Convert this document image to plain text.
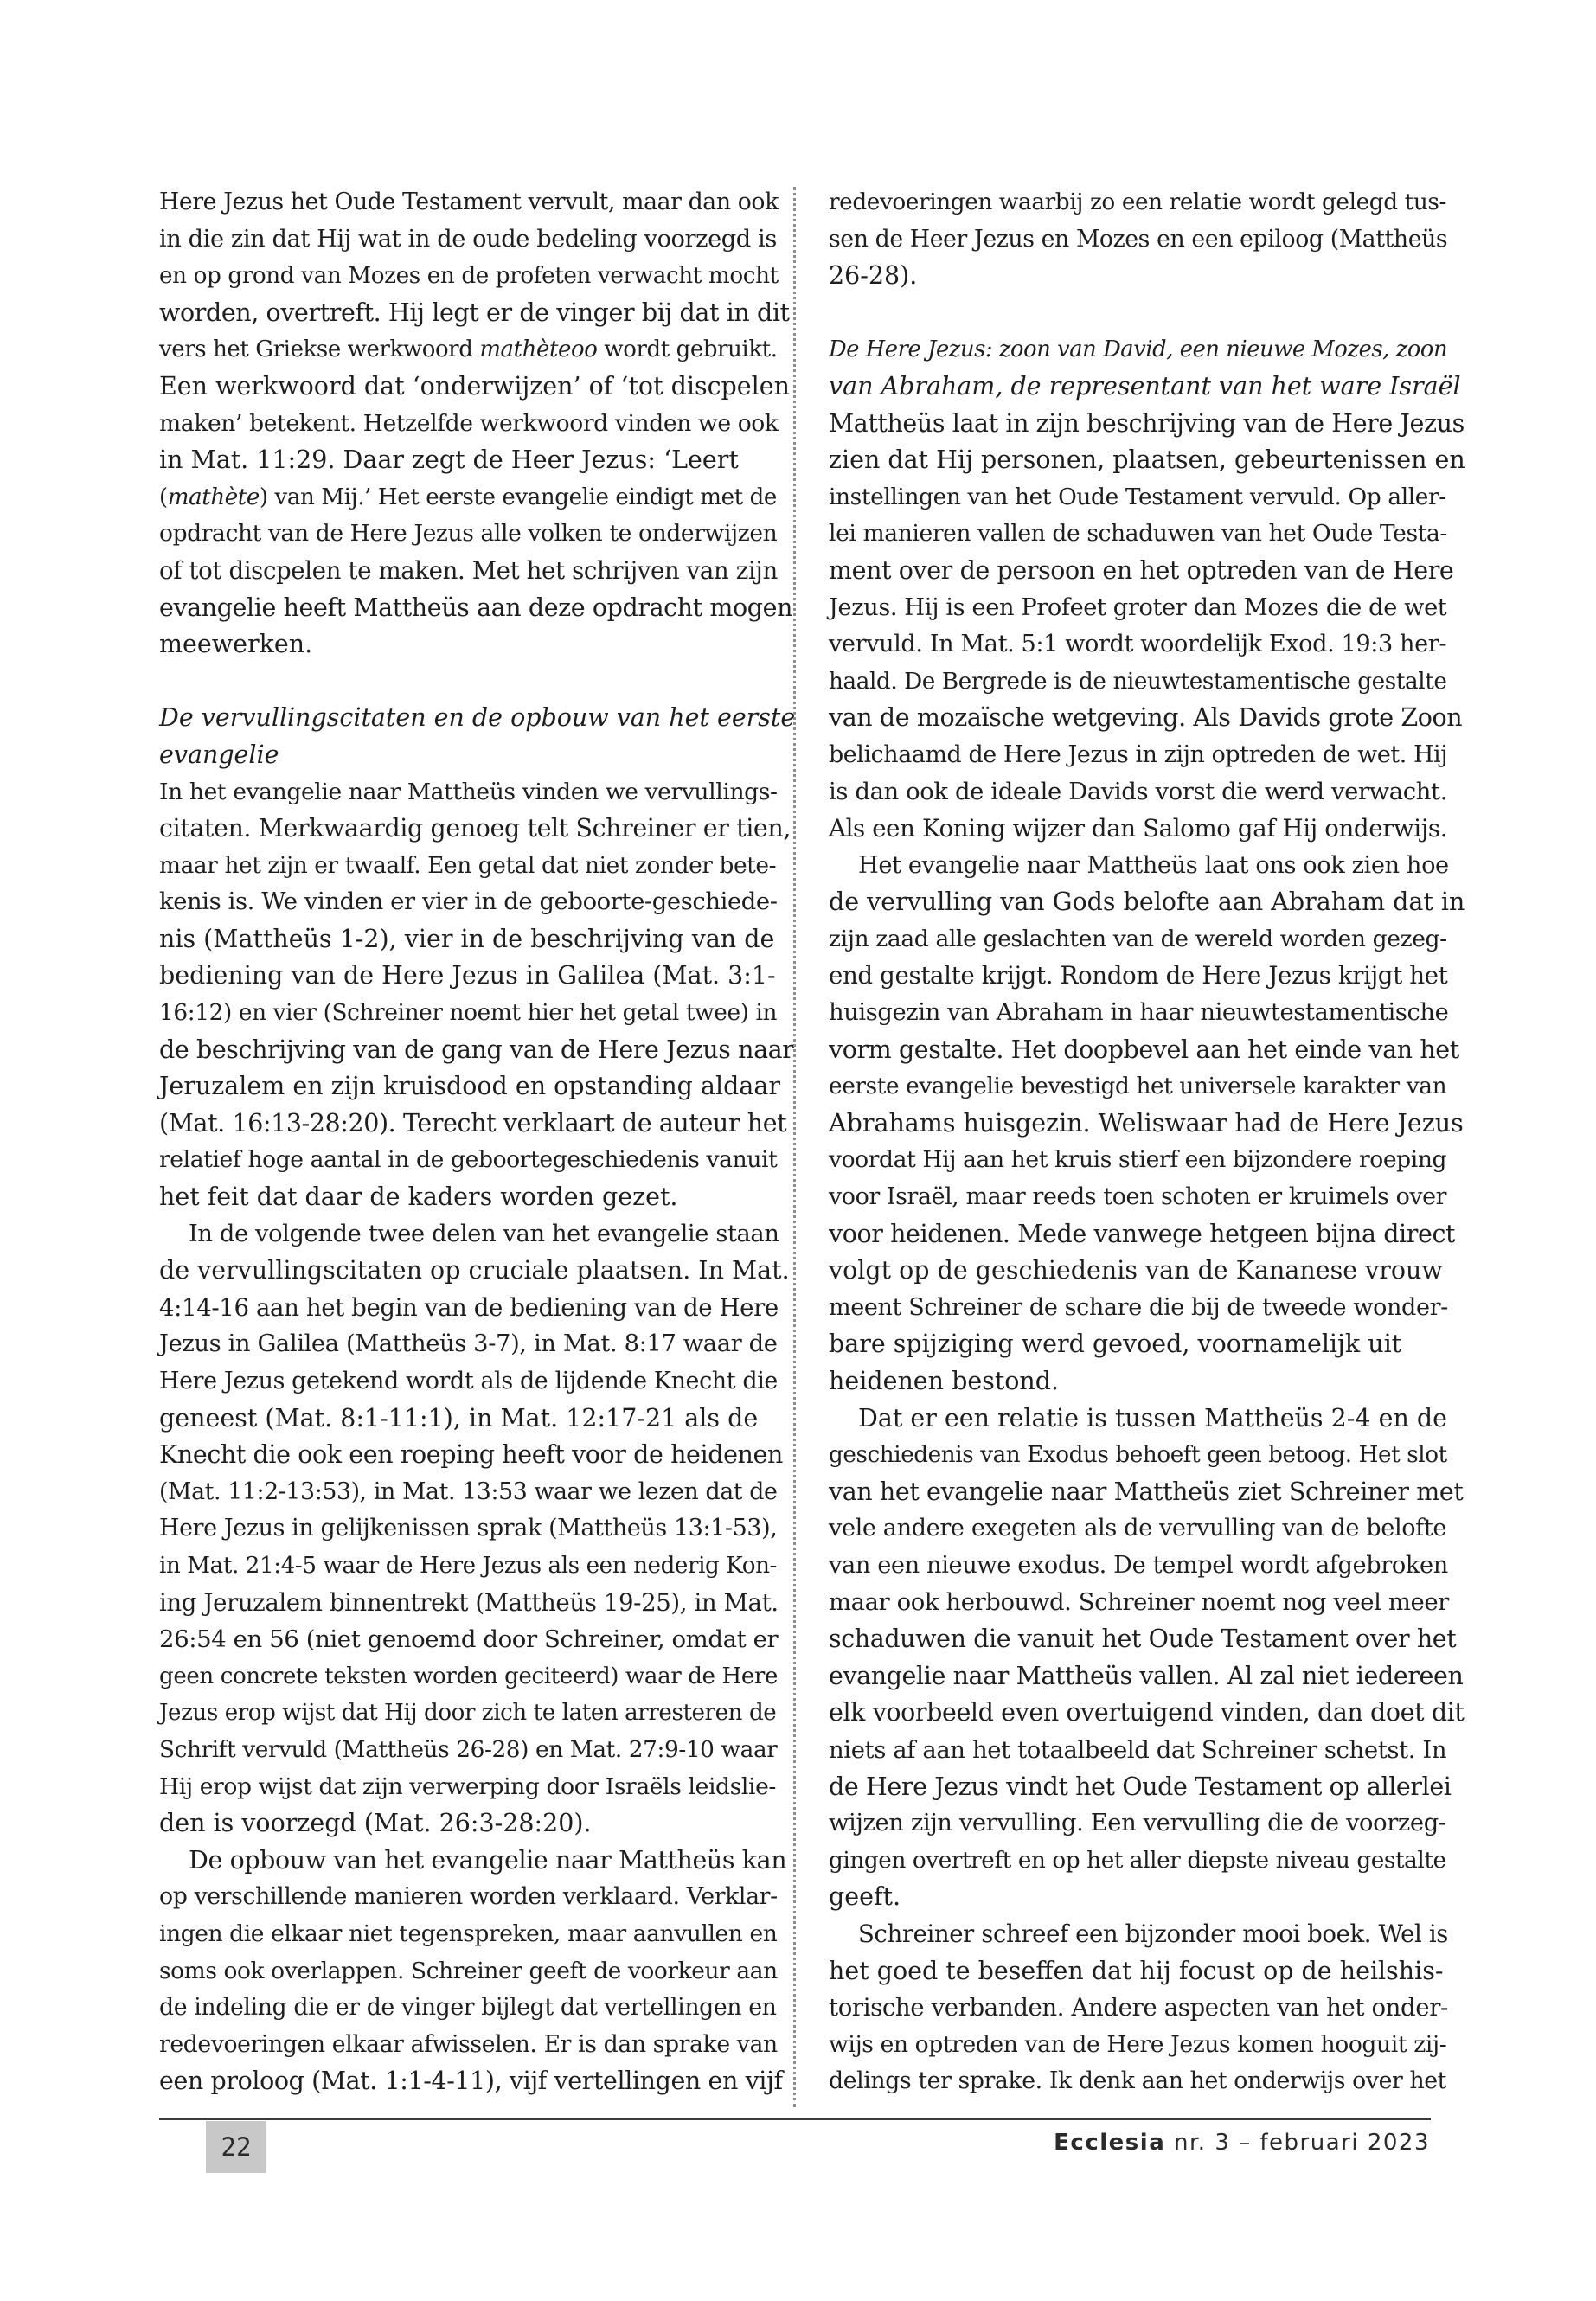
Here Jezus het Oude Testament vervult, maar dan ook
in die zin dat Hij wat in de oude bedeling voorzegd is
en op grond van Mozes en de profeten verwacht mocht
worden, overtreft. Hij legt er de vinger bij dat in dit
vers het Griekse werkwoord mathèteoo wordt gebruikt.
Een werkwoord dat ‘onderwijzen’ of ‘tot discpelen
maken’ betekent. Hetzelfde werkwoord vinden we ook
in Mat. 11:29. Daar zegt de Heer Jezus: ‘Leert
(mathète) van Mij.’ Het eerste evangelie eindigt met de
opdracht van de Here Jezus alle volken te onderwijzen
of tot discpelen te maken. Met het schrijven van zijn
evangelie heeft Mattheüs aan deze opdracht mogen
meewerken.
De vervullingscitaten en de opbouw van het eerste
evangelie
In het evangelie naar Mattheüs vinden we vervullings-
citaten. Merkwaardig genoeg telt Schreiner er tien,
maar het zijn er twaalf. Een getal dat niet zonder bete-
kenis is. We vinden er vier in de geboorte-geschiede-
nis (Mattheüs 1-2), vier in de beschrijving van de
bediening van de Here Jezus in Galilea (Mat. 3:1-
16:12) en vier (Schreiner noemt hier het getal twee) in
de beschrijving van de gang van de Here Jezus naar
Jeruzalem en zijn kruisdood en opstanding aldaar
(Mat. 16:13-28:20). Terecht verklaart de auteur het
relatief hoge aantal in de geboortegeschiedenis vanuit
het feit dat daar de kaders worden gezet.
In de volgende twee delen van het evangelie staan
de vervullingscitaten op cruciale plaatsen. In Mat.
4:14-16 aan het begin van de bediening van de Here
Jezus in Galilea (Mattheüs 3-7), in Mat. 8:17 waar de
Here Jezus getekend wordt als de lijdende Knecht die
geneest (Mat. 8:1-11:1), in Mat. 12:17-21 als de
Knecht die ook een roeping heeft voor de heidenen
(Mat. 11:2-13:53), in Mat. 13:53 waar we lezen dat de
Here Jezus in gelijkenissen sprak (Mattheüs 13:1-53),
in Mat. 21:4-5 waar de Here Jezus als een nederig Kon-
ing Jeruzalem binnentrekt (Mattheüs 19-25), in Mat.
26:54 en 56 (niet genoemd door Schreiner, omdat er
geen concrete teksten worden geciteerd) waar de Here
Jezus erop wijst dat Hij door zich te laten arresteren de
Schrift vervuld (Mattheüs 26-28) en Mat. 27:9-10 waar
Hij erop wijst dat zijn verwerping door Israëls leidslie-
den is voorzegd (Mat. 26:3-28:20).
De opbouw van het evangelie naar Mattheüs kan
op verschillende manieren worden verklaard. Verklar-
ingen die elkaar niet tegenspreken, maar aanvullen en
soms ook overlappen. Schreiner geeft de voorkeur aan
de indeling die er de vinger bijlegt dat vertellingen en
redevoeringen elkaar afwisselen. Er is dan sprake van
een proloog (Mat. 1:1-4-11), vijf vertellingen en vijf
redevoeringen waarbij zo een relatie wordt gelegd tus-
sen de Heer Jezus en Mozes en een epiloog (Mattheüs
26-28).
De Here Jezus: zoon van David, een nieuwe Mozes, zoon
van Abraham, de representant van het ware Israël
Mattheüs laat in zijn beschrijving van de Here Jezus
zien dat Hij personen, plaatsen, gebeurtenissen en
instellingen van het Oude Testament vervuld. Op aller-
lei manieren vallen de schaduwen van het Oude Testa-
ment over de persoon en het optreden van de Here
Jezus. Hij is een Profeet groter dan Mozes die de wet
vervuld. In Mat. 5:1 wordt woordelijk Exod. 19:3 her-
haald. De Bergrede is de nieuwtestamentische gestalte
van de mozaïsche wetgeving. Als Davids grote Zoon
belichaamd de Here Jezus in zijn optreden de wet. Hij
is dan ook de ideale Davids vorst die werd verwacht.
Als een Koning wijzer dan Salomo gaf Hij onderwijs.
Het evangelie naar Mattheüs laat ons ook zien hoe
de vervulling van Gods belofte aan Abraham dat in
zijn zaad alle geslachten van de wereld worden gezeg-
end gestalte krijgt. Rondom de Here Jezus krijgt het
huisgezin van Abraham in haar nieuwtestamentische
vorm gestalte. Het doopbevel aan het einde van het
eerste evangelie bevestigd het universele karakter van
Abrahams huisgezin. Weliswaar had de Here Jezus
voordat Hij aan het kruis stierf een bijzondere roeping
voor Israël, maar reeds toen schoten er kruimels over
voor heidenen. Mede vanwege hetgeen bijna direct
volgt op de geschiedenis van de Kananese vrouw
meent Schreiner de schare die bij de tweede wonder-
bare spijziging werd gevoed, voornamelijk uit
heidenen bestond.
Dat er een relatie is tussen Mattheüs 2-4 en de
geschiedenis van Exodus behoeft geen betoog. Het slot
van het evangelie naar Mattheüs ziet Schreiner met
vele andere exegeten als de vervulling van de belofte
van een nieuwe exodus. De tempel wordt afgebroken
maar ook herbouwd. Schreiner noemt nog veel meer
schaduwen die vanuit het Oude Testament over het
evangelie naar Mattheüs vallen. Al zal niet iedereen
elk voorbeeld even overtuigend vinden, dan doet dit
niets af aan het totaalbeeld dat Schreiner schetst. In
de Here Jezus vindt het Oude Testament op allerlei
wijzen zijn vervulling. Een vervulling die de voorzeg-
gingen overtreft en op het aller diepste niveau gestalte
geeft.
Schreiner schreef een bijzonder mooi boek. Wel is
het goed te beseffen dat hij focust op de heilshis-
torische verbanden. Andere aspecten van het onder-
wijs en optreden van de Here Jezus komen hooguit zij-
delings ter sprake. Ik denk aan het onderwijs over het
22	Ecclesia nr. 3 – februari 2023
